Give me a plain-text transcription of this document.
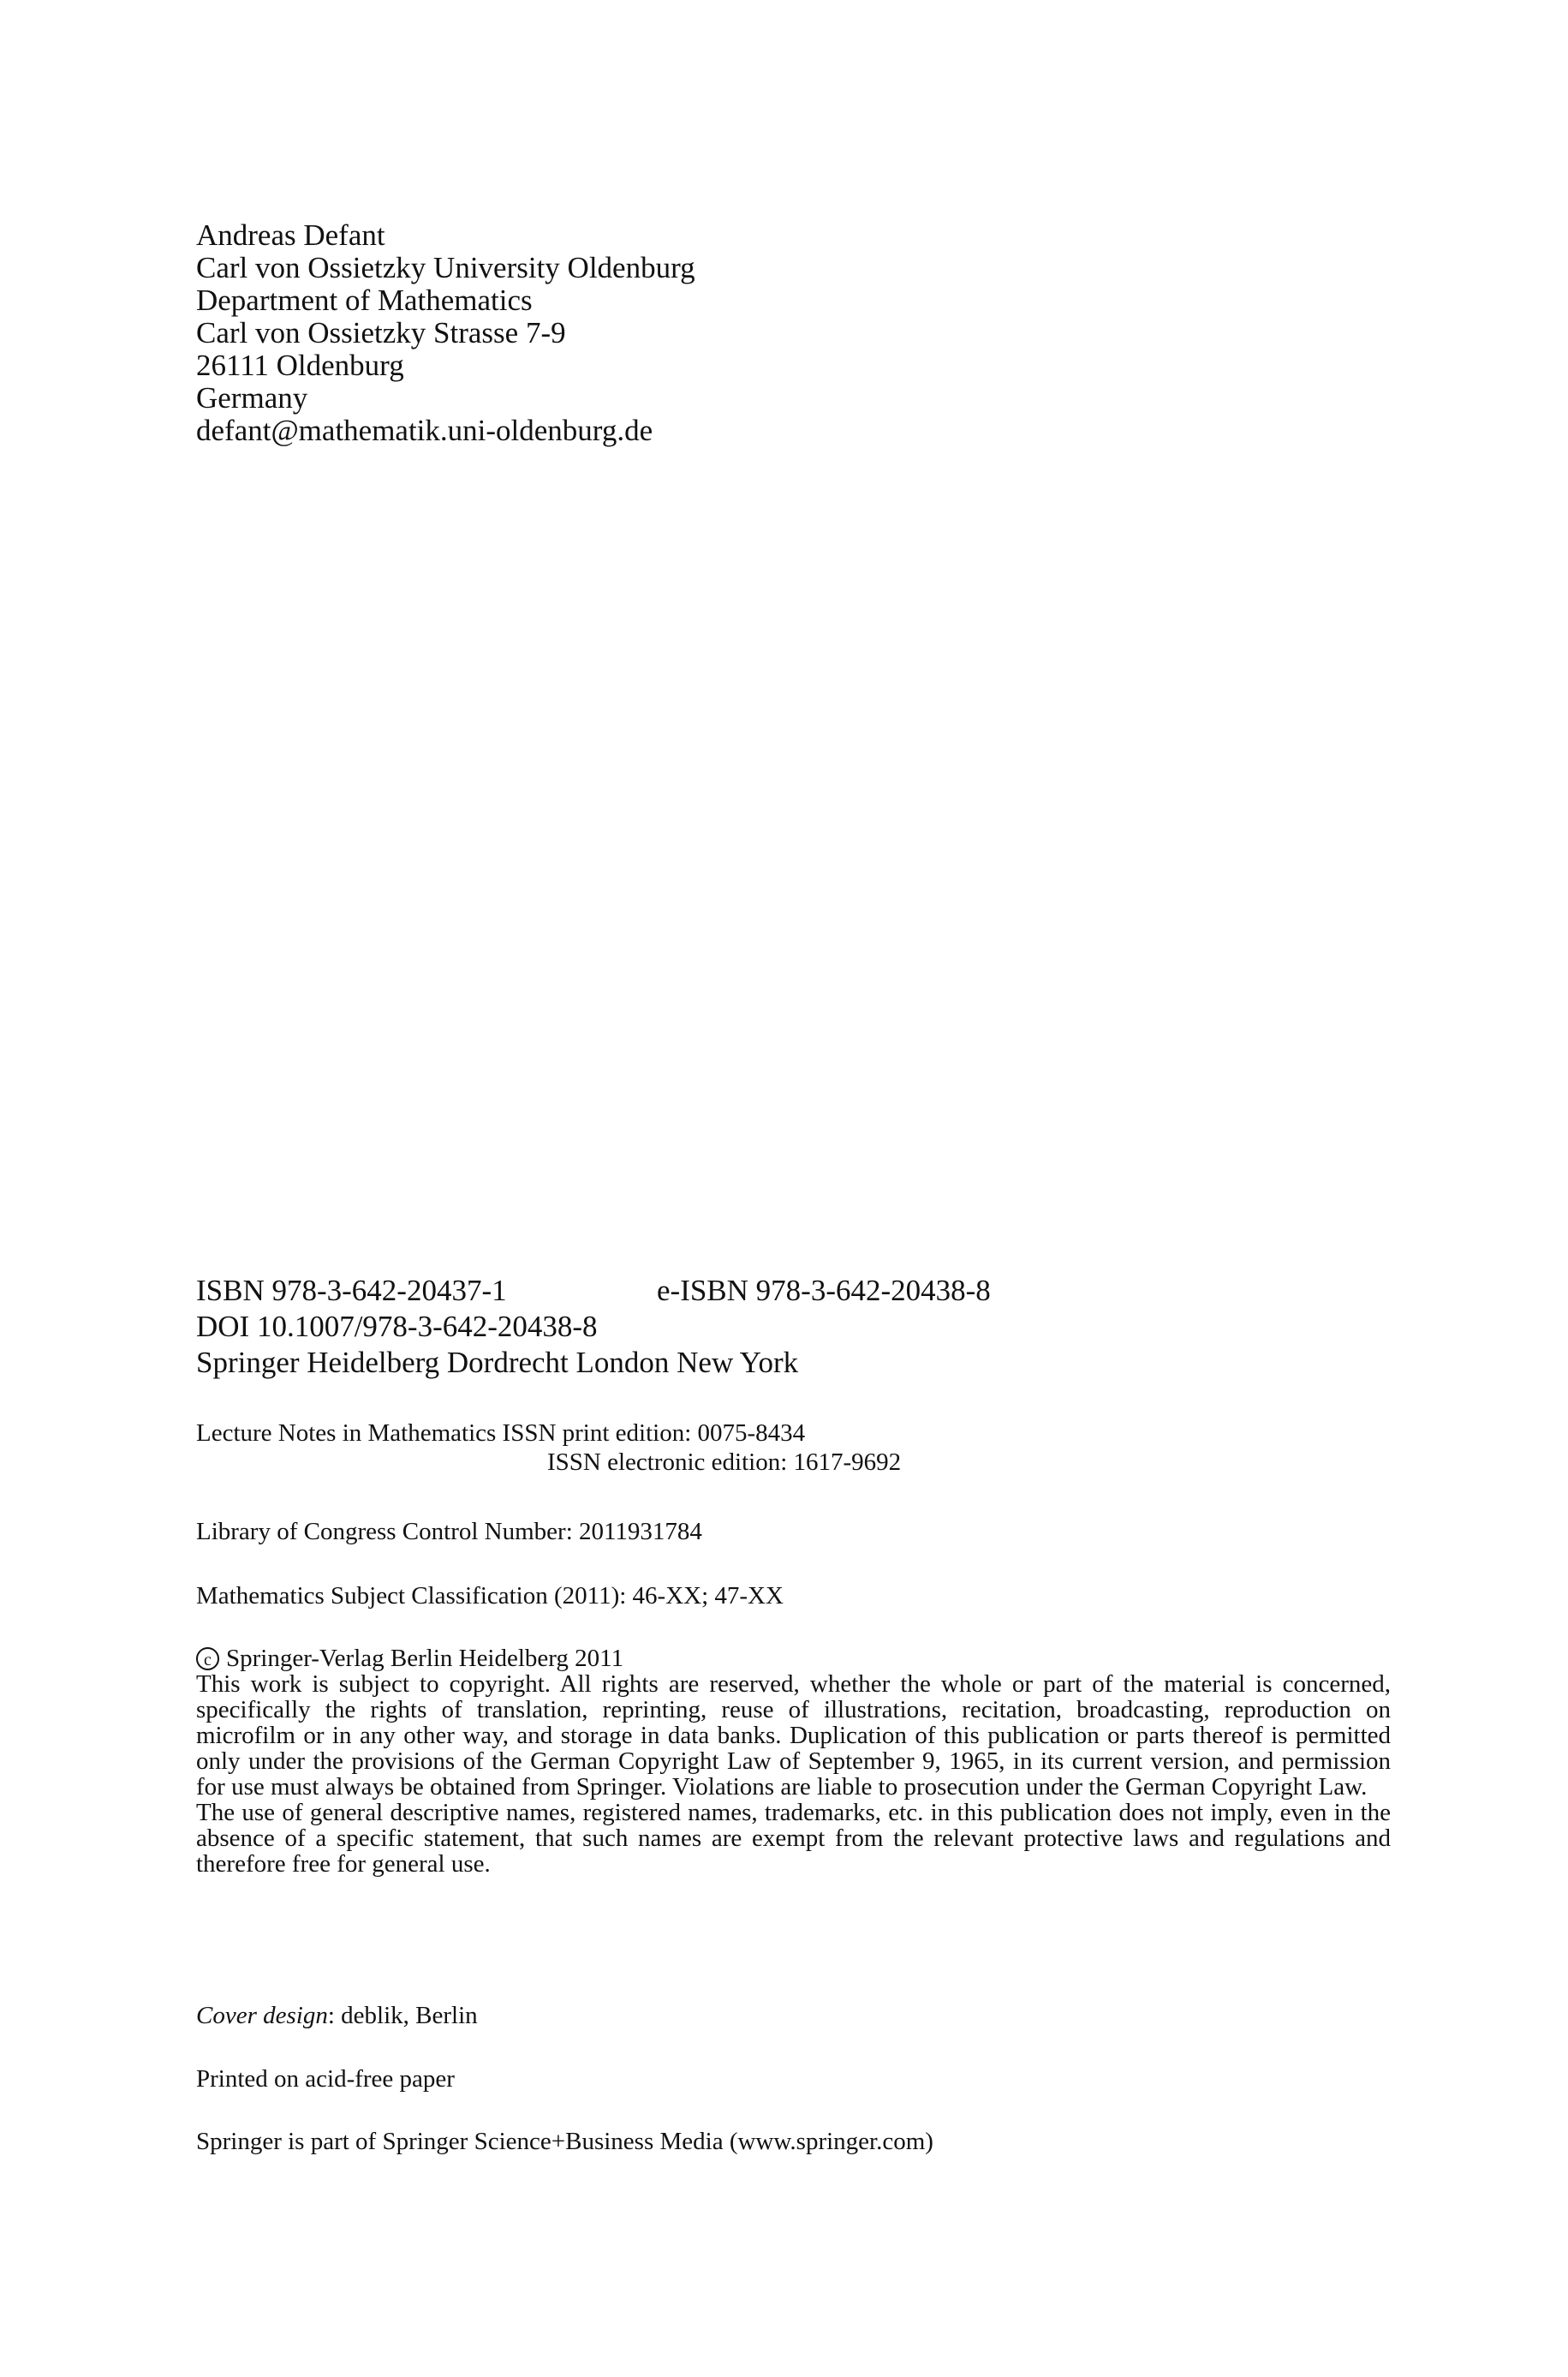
Andreas Defant
Carl von Ossietzky University Oldenburg
Department of Mathematics
Carl von Ossietzky Strasse 7-9
26111 Oldenburg
Germany
defant@mathematik.uni-oldenburg.de
ISBN 978-3-642-20437-1	e-ISBN 978-3-642-20438-8
DOI 10.1007/978-3-642-20438-8
Springer Heidelberg Dordrecht London New York
Lecture Notes in Mathematics ISSN print edition: 0075-8434
ISSN electronic edition: 1617-9692
Library of Congress Control Number: 2011931784
Mathematics Subject Classification (2011): 46-XX; 47-XX
c Springer-Verlag Berlin Heidelberg 2011

This work is subject to copyright. All rights are reserved, whether the whole or part of the material is concerned, specifically the rights of translation, reprinting, reuse of illustrations, recitation, broadcasting, reproduction on microfilm or in any other way, and storage in data banks. Duplication of this publication or parts thereof is permitted only under the provisions of the German Copyright Law of September 9, 1965, in its current version, and permission for use must always be obtained from Springer. Violations are liable to prosecution under the German Copyright Law.

The use of general descriptive names, registered names, trademarks, etc. in this publication does not imply, even in the absence of a specific statement, that such names are exempt from the relevant protective laws and regulations and therefore free for general use.

Cover design: deblik, Berlin
Printed on acid-free paper
Springer is part of Springer Science+Business Media (www.springer.com)
